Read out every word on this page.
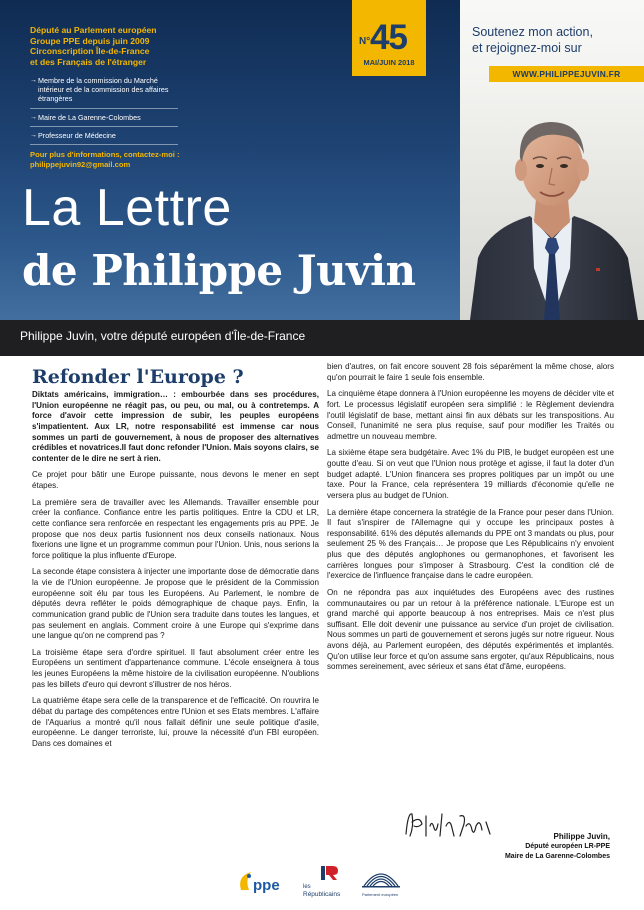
Député au Parlement européen
Groupe PPE depuis juin 2009
Circonscription Île-de-France
et des Français de l'étranger
→ Membre de la commission du Marché intérieur et de la commission des affaires étrangères
→ Maire de La Garenne-Colombes
→ Professeur de Médecine
Pour plus d'informations, contactez-moi :
philippejuvin92@gmail.com
N° 45
MAI/JUIN 2018
La Lettre
de Philippe Juvin
Soutenez mon action,
et rejoignez-moi sur
WWW.PHILIPPEJUVIN.FR
Philippe Juvin, votre député européen d'Île-de-France
Refonder l'Europe ?

Diktats américains, immigration… : embourbée dans ses procédures, l'Union européenne ne réagit pas, ou peu, ou mal, ou à contretemps. A force d'avoir cette impression de subir, les peuples européens s'impatientent. Aux LR, notre responsabilité est immense car nous sommes un parti de gouvernement, à nous de proposer des alternatives crédibles et novatrices.Il faut donc refonder l'Union. Mais soyons clairs, se contenter de le dire ne sert à rien.

Ce projet pour bâtir une Europe puissante, nous devons le mener en sept étapes.

La première sera de travailler avec les Allemands. Travailler ensemble pour créer la confiance. Confiance entre les partis politiques. Entre la CDU et LR, cette confiance sera renforcée en respectant les engagements pris au PPE. Je propose que nos deux partis fusionnent nos deux conseils nationaux. Nous fixerions une ligne et un programme commun pour l'Union. Unis, nous serions la force politique la plus influente d'Europe.

La seconde étape consistera à injecter une importante dose de démocratie dans la vie de l'Union européenne. Je propose que le président de la Commission européenne soit élu par tous les Européens. Au Parlement, le nombre de députés devra refléter le poids démographique de chaque pays. Enfin, la communication grand public de l'Union sera traduite dans toutes les langues, et pas seulement en anglais. Comment croire à une Europe qui s'exprime dans une langue qu'on ne comprend pas ?

La troisième étape sera d'ordre spirituel. Il faut absolument créer entre les Européens un sentiment d'appartenance commune. L'école enseignera à tous les jeunes Européens la même histoire de la civilisation européenne. N'oublions pas les billets d'euro qui devront s'illustrer de nos héros.

La quatrième étape sera celle de la transparence et de l'efficacité. On rouvrira le débat du partage des compétences entre l'Union et ses Etats membres. L'affaire de l'Aquarius a montré qu'il nous fallait définir une seule politique d'asile, européenne. Le danger terroriste, lui, prouve la nécessité d'un FBI européen. Dans ces domaines et

bien d'autres, on fait encore souvent 28 fois séparément la même chose, alors qu'on pourrait le faire 1 seule fois ensemble.

La cinquième étape donnera à l'Union européenne les moyens de décider vite et fort. Le processus législatif européen sera simplifié : le Règlement deviendra l'outil législatif de base, mettant ainsi fin aux débats sur les transpositions. Au Conseil, l'unanimité ne sera plus requise, sauf pour modifier les Traités ou admettre un nouveau membre.

La sixième étape sera budgétaire. Avec 1% du PIB, le budget européen est une goutte d'eau. Si on veut que l'Union nous protège et agisse, il faut la doter d'un budget adapté. L'Union financera ses propres politiques par un impôt ou une taxe. Pour la France, cela représentera 19 milliards d'économie qu'elle ne versera plus au budget de l'Union.

La dernière étape concernera la stratégie de la France pour peser dans l'Union. Il faut s'inspirer de l'Allemagne qui y occupe les principaux postes à responsabilité. 61% des députés allemands du PPE ont 3 mandats ou plus, pour seulement 25 % des Français… Je propose que Les Républicains n'y envoient plus que des députés anglophones ou germanophones, et favorisent les carrières longues pour s'imposer à Strasbourg. C'est la condition clé de l'exercice de l'influence française dans le cadre européen.

On ne répondra pas aux inquiétudes des Européens avec des rustines communautaires ou par un retour à la préférence nationale. L'Europe est un grand marché qui apporte beaucoup à nos entreprises. Mais ce n'est plus suffisant. Elle doit devenir une puissance au service d'un projet de civilisation. Nous sommes un parti de gouvernement et serons jugés sur notre rigueur. Nous avons déjà, au Parlement européen, des députés expérimentés et implantés. Qu'on utilise leur force et qu'on assume sans ergoter, qu'aux Républicains, nous sommes sereinement, avec sérieux et sans état d'âme, européens.

Philippe Juvin,
Député européen LR-PPE
Maire de La Garenne-Colombes
ppe	les
Républicains	Parlement européen
